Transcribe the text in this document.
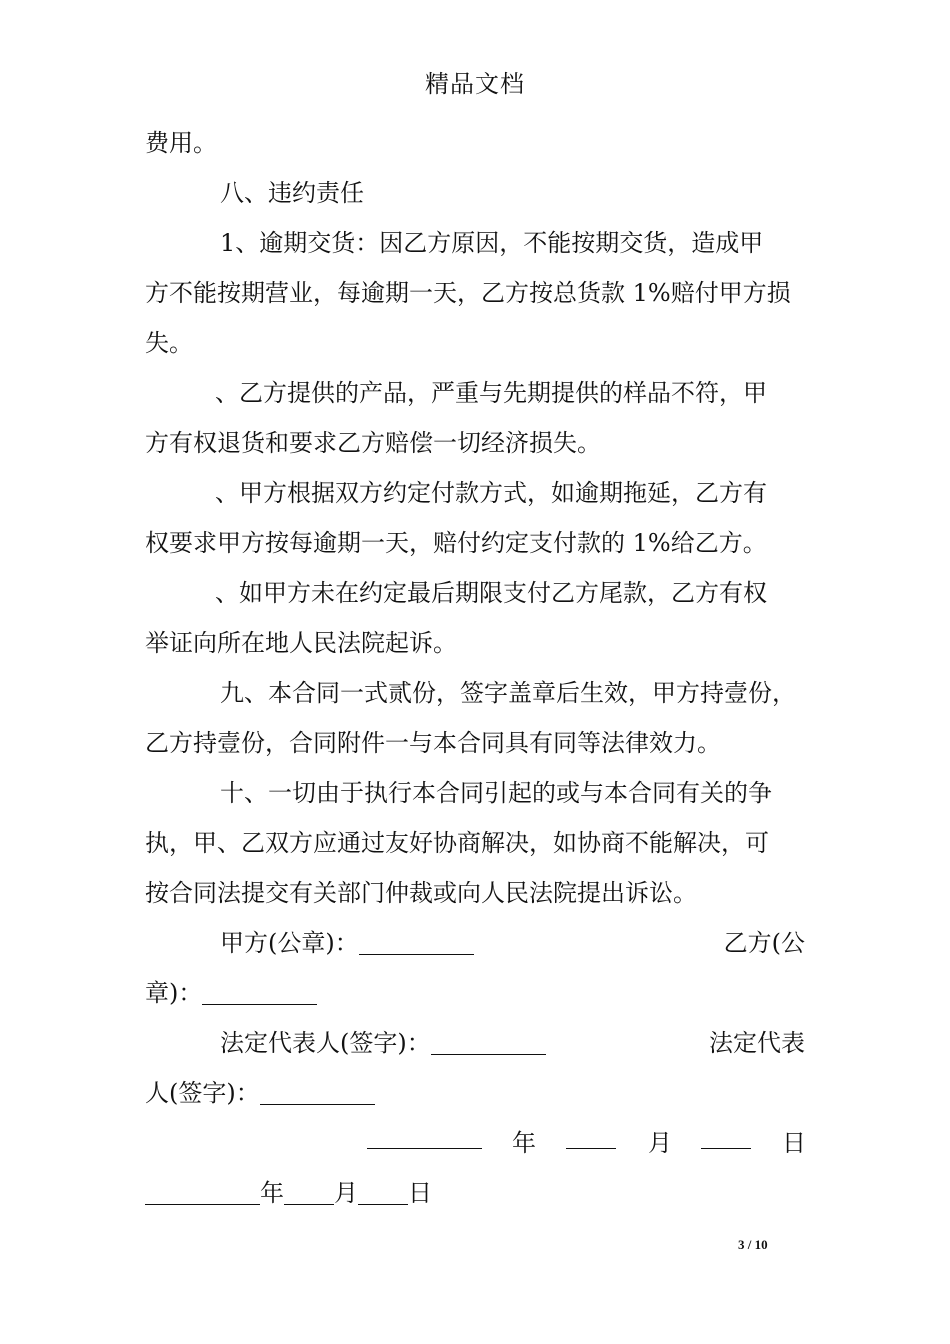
精品文档
费用。
八、违约责任
1、逾期交货：因乙方原因，不能按期交货，造成甲
方不能按期营业，每逾期一天，乙方按总货款 1%赔付甲方损
失。
、乙方提供的产品，严重与先期提供的样品不符，甲
方有权退货和要求乙方赔偿一切经济损失。
、甲方根据双方约定付款方式，如逾期拖延，乙方有
权要求甲方按每逾期一天，赔付约定支付款的 1%给乙方。
、如甲方未在约定最后期限支付乙方尾款，乙方有权
举证向所在地人民法院起诉。
九、本合同一式贰份，签字盖章后生效，甲方持壹份，
乙方持壹份，合同附件一与本合同具有同等法律效力。
十、一切由于执行本合同引起的或与本合同有关的争
执，甲、乙双方应通过友好协商解决，如协商不能解决，可
按合同法提交有关部门仲裁或向人民法院提出诉讼。
甲方(公章)：	乙方(公
章)：
法定代表人(签字)：	法定代表
人(签字)：
年	月	日
年 月 日
3 / 10
